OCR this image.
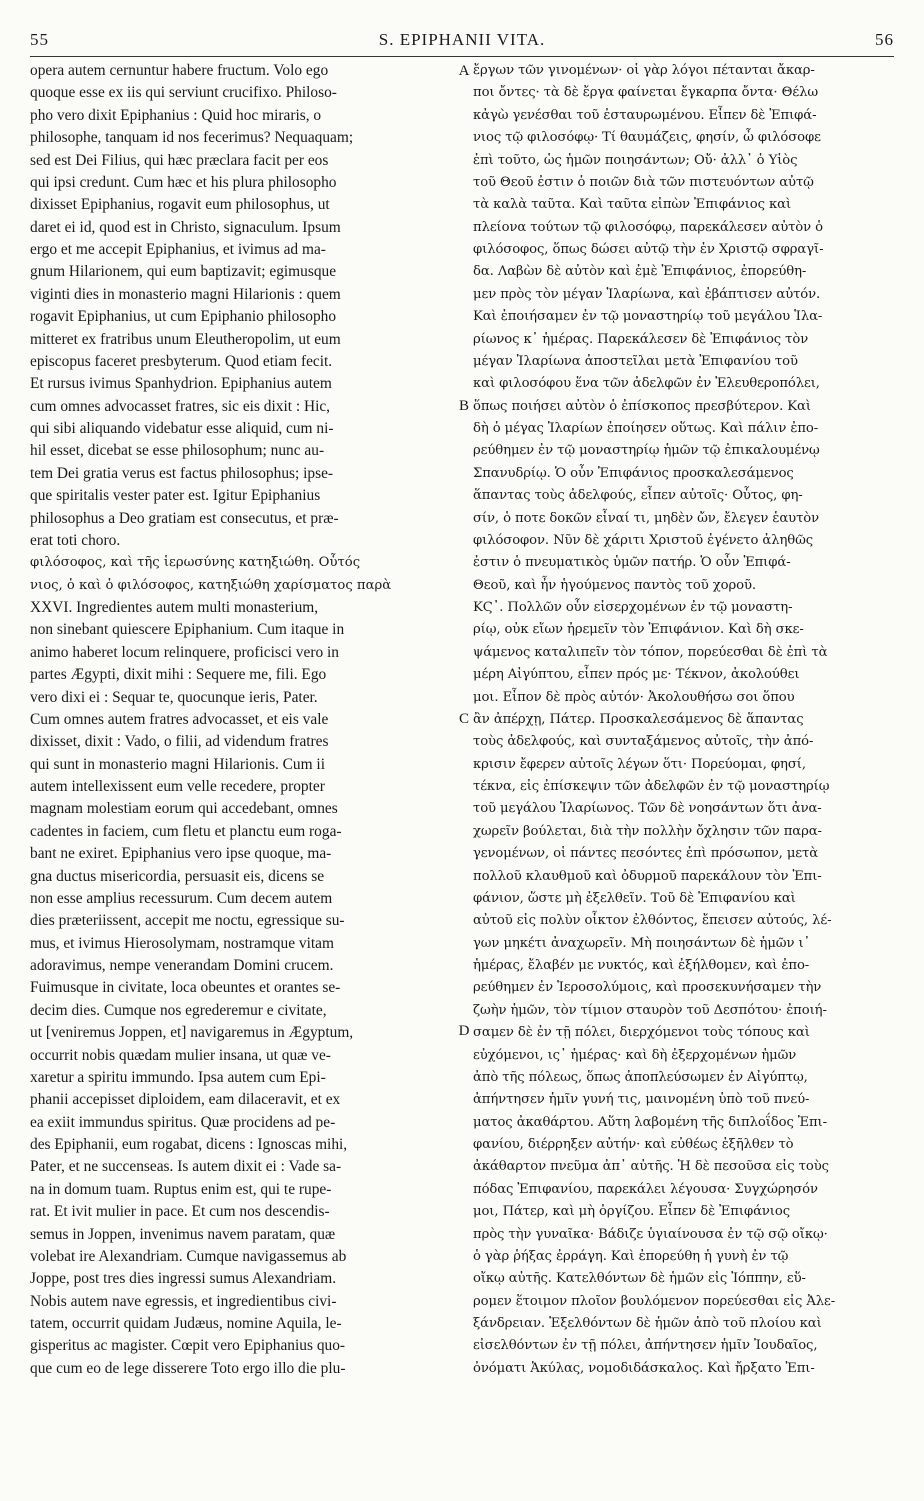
55	S. EPIPHANII VITA.	56
opera autem cernuntur habere fructum. Volo ego
quoque esse ex iis qui serviunt crucifixo. Philoso-
pho vero dixit Epiphanius : Quid hoc miraris, o
philosophe, tanquam id nos fecerimus? Nequaquam;
sed est Dei Filius, qui hæc præclara facit per eos
qui ipsi credunt. Cum hæc et his plura philosopho
dixisset Epiphanius, rogavit eum philosophus, ut
daret ei id, quod est in Christo, signaculum. Ipsum
ergo et me accepit Epiphanius, et ivimus ad ma-
gnum Hilarionem, qui eum baptizavit; egimusque
viginti dies in monasterio magni Hilarionis : quem
rogavit Epiphanius, ut cum Epiphanio philosopho
mitteret ex fratribus unum Eleutheropolim, ut eum
episcopus faceret presbyterum. Quod etiam fecit.
Et rursus ivimus Spanhydrion. Epiphanius autem
cum omnes advocasset fratres, sic eis dixit : Hic,
qui sibi aliquando videbatur esse aliquid, cum ni-
hil esset, dicebat se esse philosophum; nunc au-
tem Dei gratia verus est factus philosophus; ipse-
que spiritalis vester pater est. Igitur Epiphanius
philosophus a Deo gratiam est consecutus, et præ-
erat toti choro.
φιλόσοφος, καὶ τῆς ἱερωσύνης κατηξιώθη. Οὗτός
νιος, ὁ καὶ ὁ φιλόσοφος, κατηξιώθη χαρίσματος παρὰ
XXVI. Ingredientes autem multi monasterium,
non sinebant quiescere Epiphanium. Cum itaque in
animo haberet locum relinquere, proficisci vero in
partes Ægypti, dixit mihi : Sequere me, fili. Ego
vero dixi ei : Sequar te, quocunque ieris, Pater.
Cum omnes autem fratres advocasset, et eis vale
dixisset, dixit : Vado, o filii, ad videndum fratres
qui sunt in monasterio magni Hilarionis. Cum ii
autem intellexissent eum velle recedere, propter
magnam molestiam eorum qui accedebant, omnes
cadentes in faciem, cum fletu et planctu eum roga-
bant ne exiret. Epiphanius vero ipse quoque, ma-
gna ductus misericordia, persuasit eis, dicens se
non esse amplius recessurum. Cum decem autem
dies præteriissent, accepit me noctu, egressique su-
mus, et ivimus Hierosolymam, nostramque vitam
adoravimus, nempe venerandam Domini crucem.
Fuimusque in civitate, loca obeuntes et orantes se-
decim dies. Cumque nos egrederemur e civitate,
ut [veniremus Joppen, et] navigaremus in Ægyptum,
occurrit nobis quædam mulier insana, ut quæ ve-
xaretur a spiritu immundo. Ipsa autem cum Epi-
phanii accepisset diploidem, eam dilaceravit, et ex
ea exiit immundus spiritus. Quæ procidens ad pe-
des Epiphanii, eum rogabat, dicens : Ignoscas mihi,
Pater, et ne succenseas. Is autem dixit ei : Vade sa-
na in domum tuam. Ruptus enim est, qui te rupe-
rat. Et ivit mulier in pace. Et cum nos descendis-
semus in Joppen, invenimus navem paratam, quæ
volebat ire Alexandriam. Cumque navigassemus ab
Joppe, post tres dies ingressi sumus Alexandriam.
Nobis autem nave egressis, et ingredientibus civi-
tatem, occurrit quidam Judæus, nomine Aquila, le-
gisperitus ac magister. Cœpit vero Epiphanius quo-
que cum eo de lege disserere Toto ergo illo die plu-
ἔργων τῶν γινομένων· οἱ γὰρ λόγοι πέτανται ἄκαρ-
ποι ὄντες· τὰ δὲ ἔργα φαίνεται ἔγκαρπα ὄντα· Θέλω
κἀγὼ γενέσθαι τοῦ ἐσταυρωμένου. Εἶπεν δὲ Ἐπιφά-
νιος τῷ φιλοσόφῳ· Τί θαυμάζεις, φησίν, ὦ φιλόσοφε
ἐπὶ τοῦτο, ὡς ἡμῶν ποιησάντων; Οὔ· ἀλλ᾽ ὁ Υἱὸς
τοῦ Θεοῦ ἐστιν ὁ ποιῶν διὰ τῶν πιστευόντων αὐτῷ
τὰ καλὰ ταῦτα. Καὶ ταῦτα εἰπὼν Ἐπιφάνιος καὶ
πλείονα τούτων τῷ φιλοσόφῳ, παρεκάλεσεν αὐτὸν ὁ
φιλόσοφος, ὅπως δώσει αὐτῷ τὴν ἐν Χριστῷ σφραγῖ-
δα. Λαβὼν δὲ αὐτὸν καὶ ἐμὲ Ἐπιφάνιος, ἐπορεύθη-
μεν πρὸς τὸν μέγαν Ἱλαρίωνα, καὶ ἐβάπτισεν αὐτόν.
Καὶ ἐποιήσαμεν ἐν τῷ μοναστηρίῳ τοῦ μεγάλου Ἱλα-
ρίωνος κ᾽ ἡμέρας. Παρεκάλεσεν δὲ Ἐπιφάνιος τὸν
μέγαν Ἱλαρίωνα ἀποστεῖλαι μετὰ Ἐπιφανίου τοῦ
καὶ φιλοσόφου ἕνα τῶν ἀδελφῶν ἐν Ἐλευθεροπόλει,
ὅπως ποιήσει αὐτὸν ὁ ἐπίσκοπος πρεσβύτερον. Καὶ
δὴ ὁ μέγας Ἱλαρίων ἐποίησεν οὕτως. Καὶ πάλιν ἐπο-
ρεύθημεν ἐν τῷ μοναστηρίῳ ἡμῶν τῷ ἐπικαλουμένῳ
Σπανυδρίῳ. Ὁ οὖν Ἐπιφάνιος προσκαλεσάμενος
ἅπαντας τοὺς ἀδελφούς, εἶπεν αὐτοῖς· Οὗτος, φη-
σίν, ὁ ποτε δοκῶν εἶναί τι, μηδὲν ὤν, ἔλεγεν ἑαυτὸν
φιλόσοφον. Νῦν δὲ χάριτι Χριστοῦ ἐγένετο ἀληθῶς
ἐστιν ὁ πνευματικὸς ὑμῶν πατήρ. Ὁ οὖν Ἐπιφά-
Θεοῦ, καὶ ἦν ἡγούμενος παντὸς τοῦ χοροῦ.
ΚϚ᾽. Πολλῶν οὖν εἰσερχομένων ἐν τῷ μοναστη-
ρίῳ, οὐκ εἴων ἠρεμεῖν τὸν Ἐπιφάνιον. Καὶ δὴ σκε-
ψάμενος καταλιπεῖν τὸν τόπον, πορεύεσθαι δὲ ἐπὶ τὰ
μέρη Αἰγύπτου, εἶπεν πρός με· Τέκνον, ἀκολούθει
μοι. Εἶπον δὲ πρὸς αὐτόν· Ἀκολουθήσω σοι ὅπου
ἂν ἀπέρχῃ, Πάτερ. Προσκαλεσάμενος δὲ ἅπαντας
τοὺς ἀδελφούς, καὶ συνταξάμενος αὐτοῖς, τὴν ἀπό-
κρισιν ἔφερεν αὐτοῖς λέγων ὅτι· Πορεύομαι, φησί,
τέκνα, εἰς ἐπίσκεψιν τῶν ἀδελφῶν ἐν τῷ μοναστηρίῳ
τοῦ μεγάλου Ἱλαρίωνος. Τῶν δὲ νοησάντων ὅτι ἀνα-
χωρεῖν βούλεται, διὰ τὴν πολλὴν ὄχλησιν τῶν παρα-
γενομένων, οἱ πάντες πεσόντες ἐπὶ πρόσωπον, μετὰ
πολλοῦ κλαυθμοῦ καὶ ὀδυρμοῦ παρεκάλουν τὸν Ἐπι-
φάνιον, ὥστε μὴ ἐξελθεῖν. Τοῦ δὲ Ἐπιφανίου καὶ
αὐτοῦ εἰς πολὺν οἶκτον ἐλθόντος, ἔπεισεν αὐτούς, λέ-
γων μηκέτι ἀναχωρεῖν. Μὴ ποιησάντων δὲ ἡμῶν ι᾽
ἡμέρας, ἔλαβέν με νυκτός, καὶ ἐξήλθομεν, καὶ ἐπο-
ρεύθημεν ἐν Ἱεροσολύμοις, καὶ προσεκυνήσαμεν τὴν
ζωὴν ἡμῶν, τὸν τίμιον σταυρὸν τοῦ Δεσπότου· ἐποιή-
σαμεν δὲ ἐν τῇ πόλει, διερχόμενοι τοὺς τόπους καὶ
εὐχόμενοι, ις᾽ ἡμέρας· καὶ δὴ ἐξερχομένων ἡμῶν
ἀπὸ τῆς πόλεως, ὅπως ἀποπλεύσωμεν ἐν Αἰγύπτῳ,
ἀπήντησεν ἡμῖν γυνή τις, μαινομένη ὑπὸ τοῦ πνεύ-
ματος ἀκαθάρτου. Αὕτη λαβομένη τῆς διπλοΐδος Ἐπι-
φανίου, διέρρηξεν αὐτήν· καὶ εὐθέως ἐξῆλθεν τὸ
ἀκάθαρτον πνεῦμα ἀπ᾽ αὐτῆς. Ἡ δὲ πεσοῦσα εἰς τοὺς
πόδας Ἐπιφανίου, παρεκάλει λέγουσα· Συγχώρησόν
μοι, Πάτερ, καὶ μὴ ὀργίζου. Εἶπεν δὲ Ἐπιφάνιος
πρὸς τὴν γυναῖκα· Βάδιζε ὑγιαίνουσα ἐν τῷ σῷ οἴκῳ·
ὁ γὰρ ῥήξας ἐρράγη. Καὶ ἐπορεύθη ἡ γυνὴ ἐν τῷ
οἴκῳ αὐτῆς. Κατελθόντων δὲ ἡμῶν εἰς Ἰόππην, εὕ-
ρομεν ἕτοιμον πλοῖον βουλόμενον πορεύεσθαι εἰς Ἀλε-
ξάνδρειαν. Ἐξελθόντων δὲ ἡμῶν ἀπὸ τοῦ πλοίου καὶ
εἰσελθόντων ἐν τῇ πόλει, ἀπήντησεν ἡμῖν Ἰουδαῖος,
ὀνόματι Ἀκύλας, νομοδιδάσκαλος. Καὶ ἤρξατο Ἐπι-
A
B
C
D
